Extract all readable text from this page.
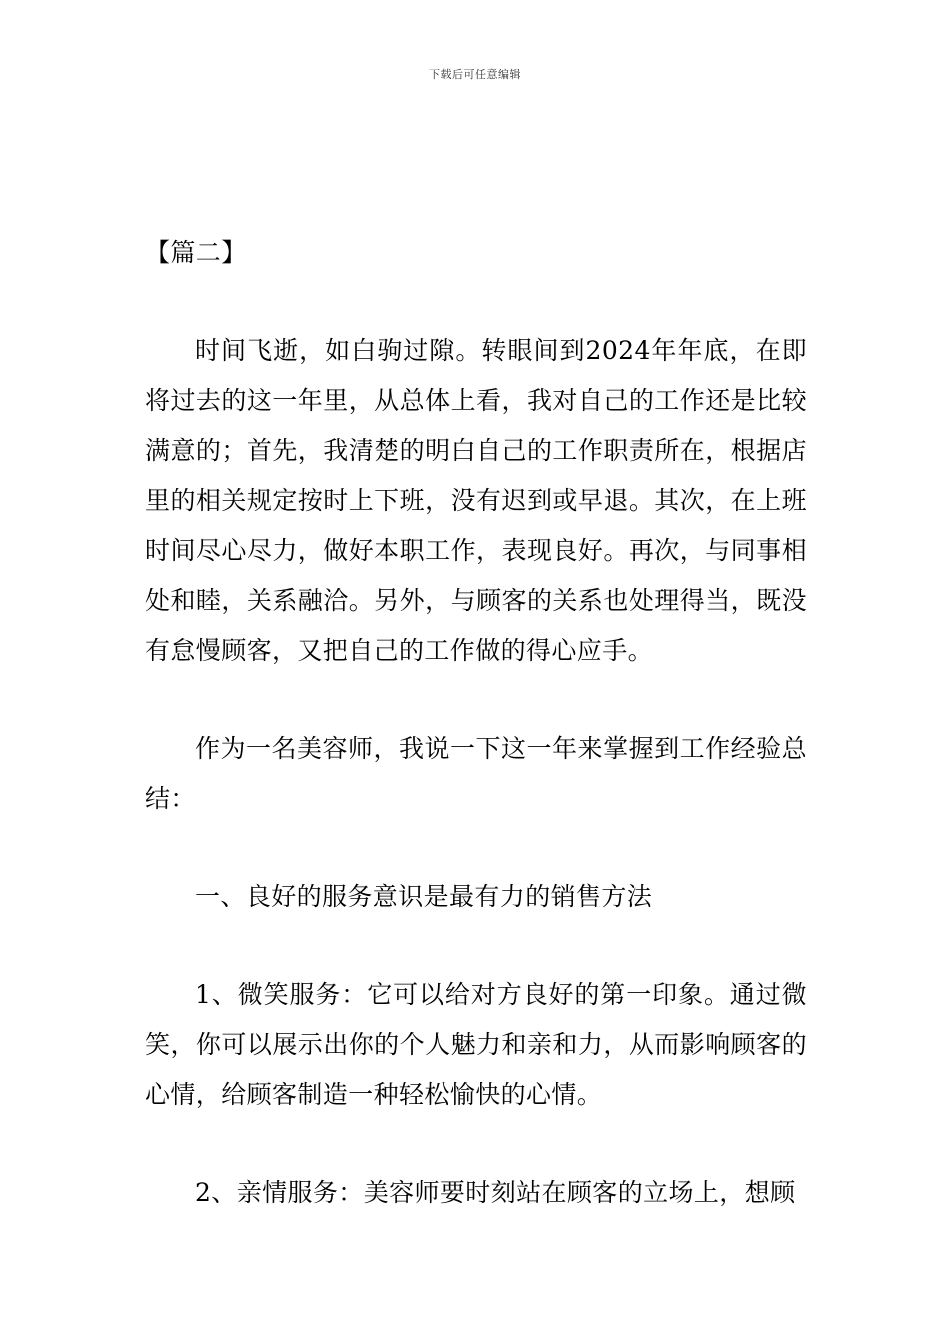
下载后可任意编辑

【篇二】

时间飞逝，如白驹过隙。转眼间到2024年年底，在即将过去的这一年里，从总体上看，我对自己的工作还是比较满意的；首先，我清楚的明白自己的工作职责所在，根据店里的相关规定按时上下班，没有迟到或早退。其次，在上班时间尽心尽力，做好本职工作，表现良好。再次，与同事相处和睦，关系融洽。另外，与顾客的关系也处理得当，既没有怠慢顾客，又把自己的工作做的得心应手。

作为一名美容师，我说一下这一年来掌握到工作经验总结：

一、良好的服务意识是最有力的销售方法

1、微笑服务：它可以给对方良好的第一印象。通过微笑，你可以展示出你的个人魅力和亲和力，从而影响顾客的心情，给顾客制造一种轻松愉快的心情。

2、亲情服务：美容师要时刻站在顾客的立场上，想顾
